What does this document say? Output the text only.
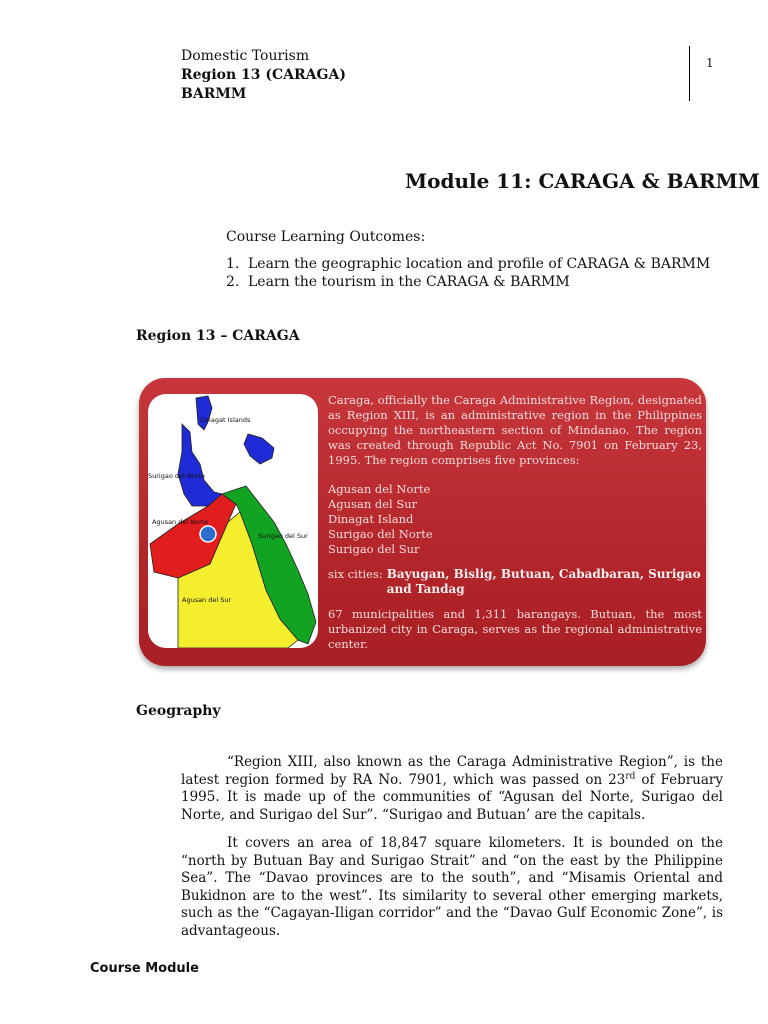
Domestic Tourism
Region 13 (CARAGA)
BARMM
1
Module 11: CARAGA & BARMM
Course Learning Outcomes:
1. Learn the geographic location and profile of CARAGA & BARMM
2. Learn the tourism in the CARAGA & BARMM
Region 13 – CARAGA
Dinagat Islands
Surigao del Norte
Agusan del Norte
Surigao del Sur
Agusan del Sur

Caraga, officially the Caraga Administrative Region, designated as Region XIII, is an administrative region in the Philippines occupying the northeastern section of Mindanao. The region was created through Republic Act No. 7901 on February 23, 1995. The region comprises five provinces:

Agusan del Norte
Agusan del Sur
Dinagat Island
Surigao del Norte
Surigao del Sur

six cities: Bayugan, Bislig, Butuan, Cabadbaran, Surigao and Tandag

67 municipalities and 1,311 barangays. Butuan, the most urbanized city in Caraga, serves as the regional administrative center.

Geography

“Region XIII, also known as the Caraga Administrative Region”, is the latest region formed by RA No. 7901, which was passed on 23rd of February 1995. It is made up of the communities of “Agusan del Norte, Surigao del Norte, and Surigao del Sur”. “Surigao and Butuan’ are the capitals.

It covers an area of 18,847 square kilometers. It is bounded on the “north by Butuan Bay and Surigao Strait” and “on the east by the Philippine Sea”. The “Davao provinces are to the south”, and “Misamis Oriental and Bukidnon are to the west”. Its similarity to several other emerging markets, such as the “Cagayan-Iligan corridor” and the “Davao Gulf Economic Zone”, is advantageous.

Course Module
